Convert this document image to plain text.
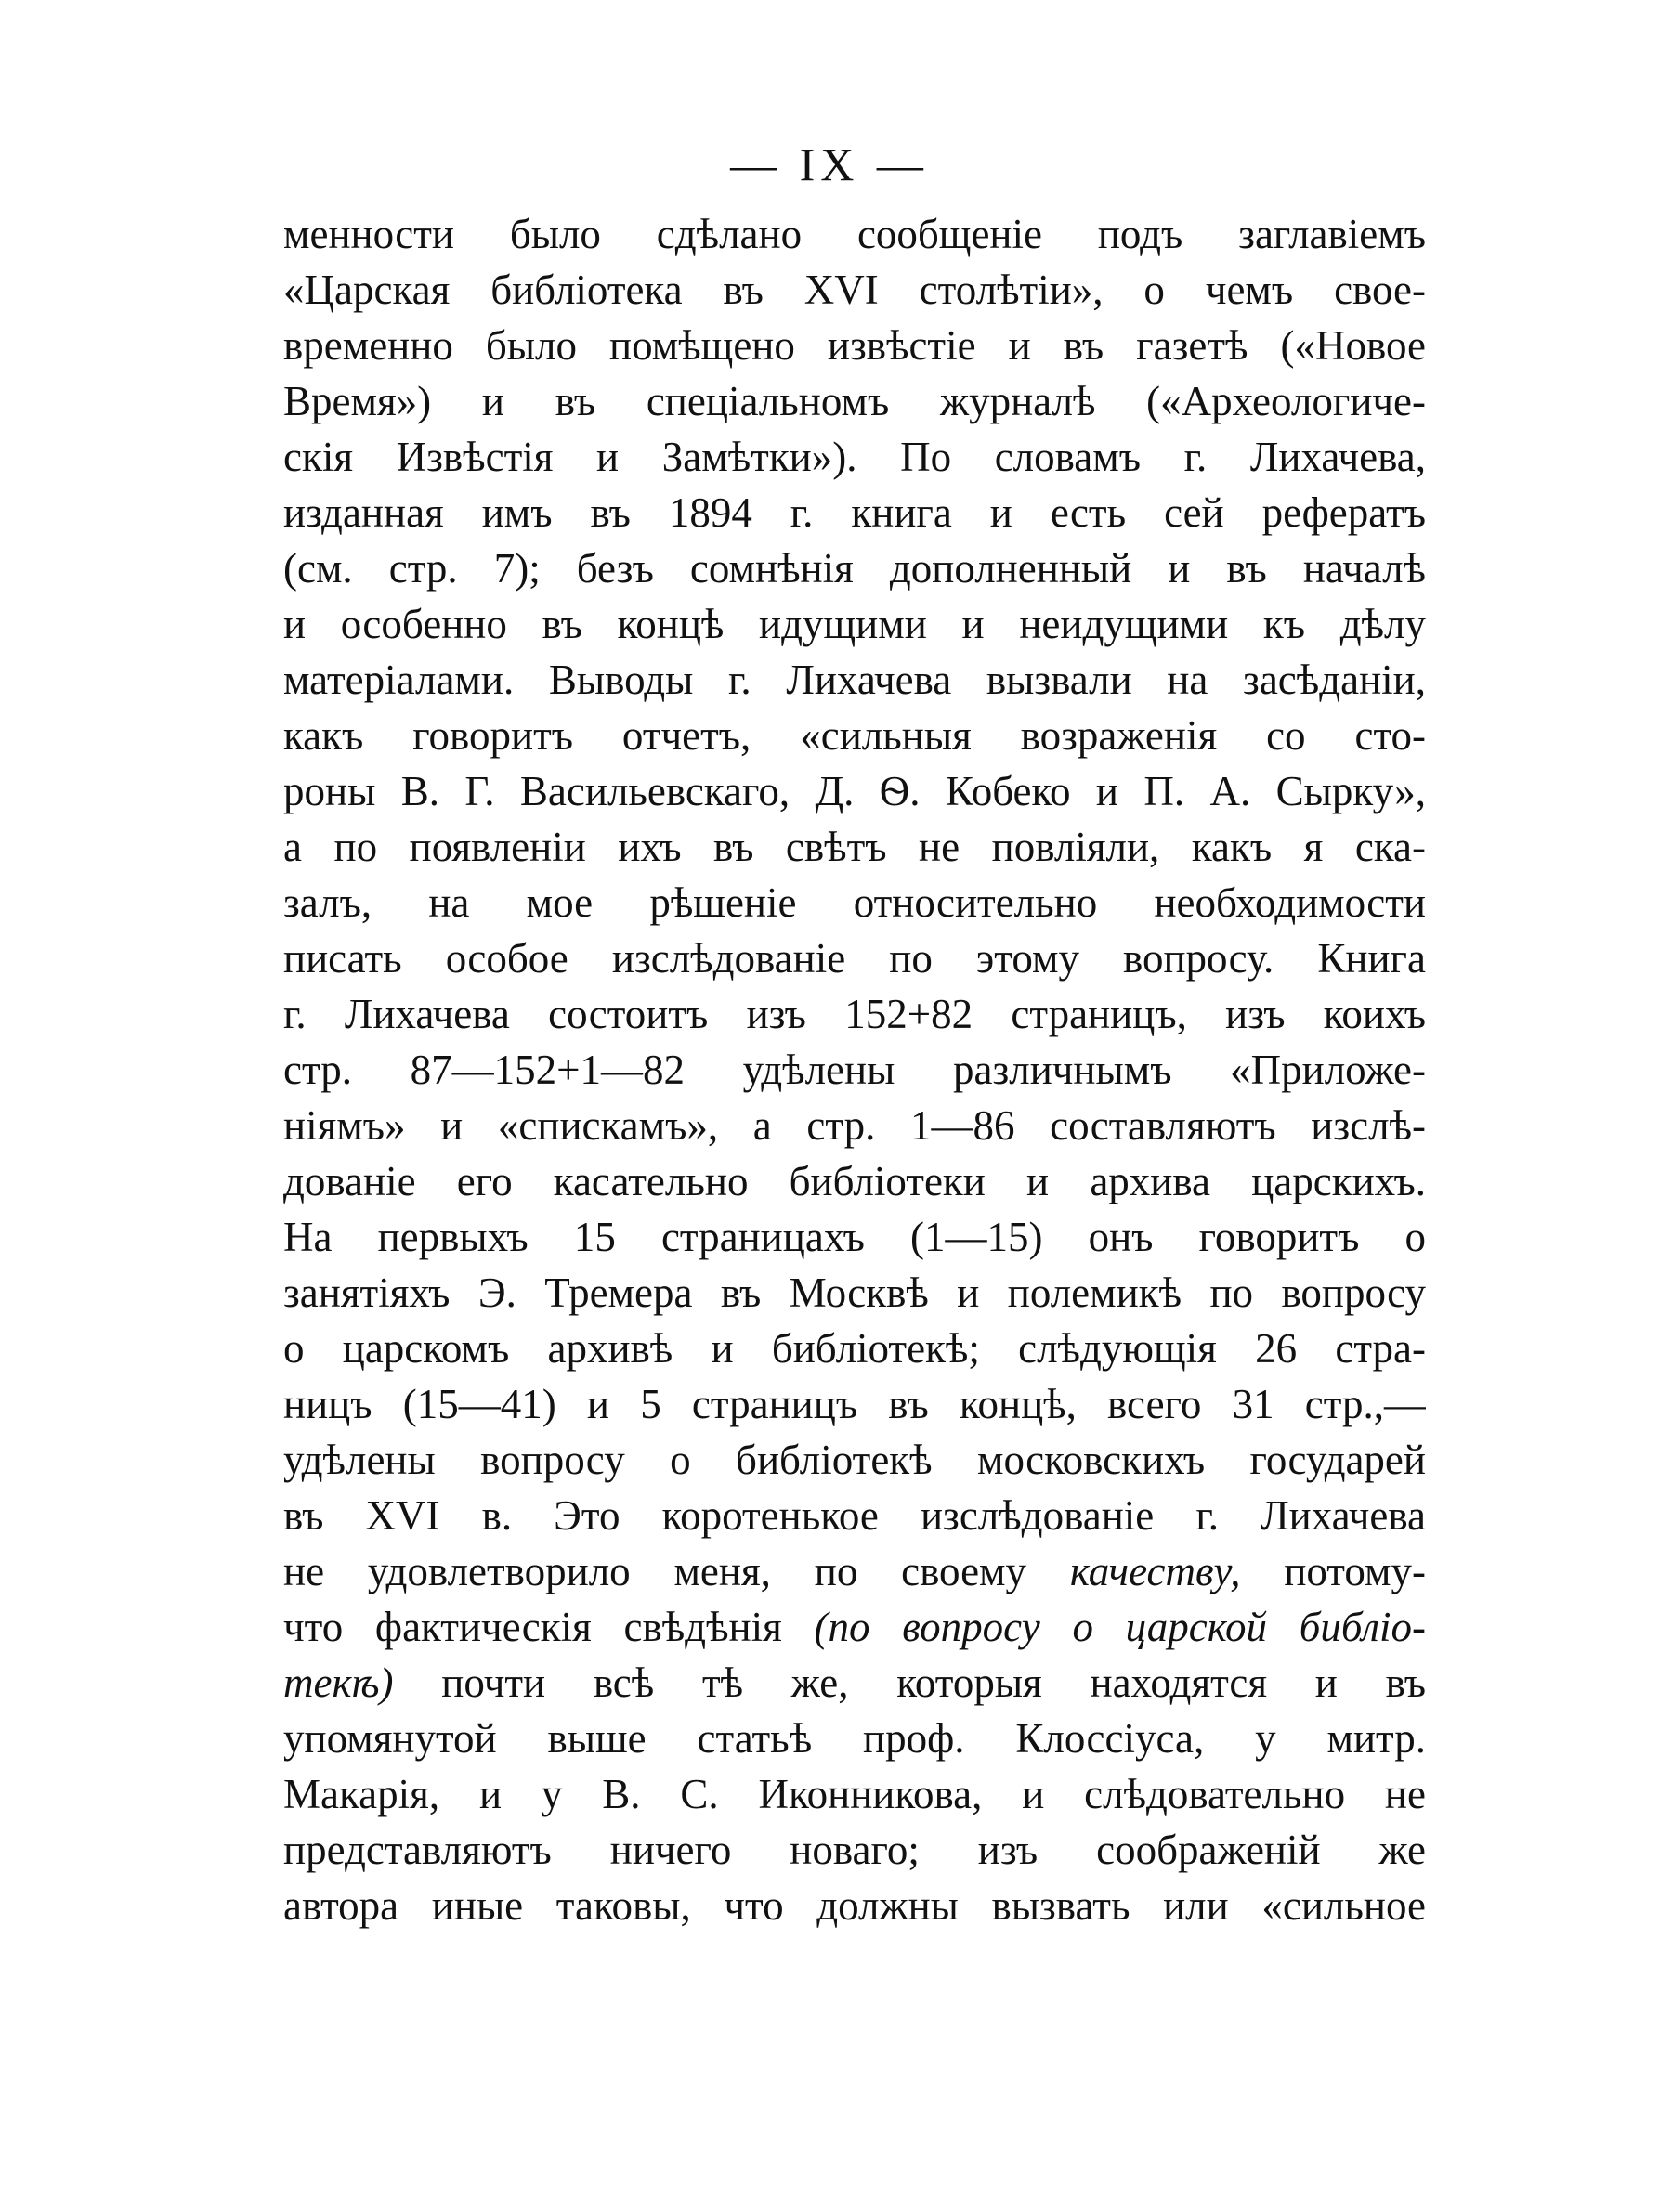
— IX —
менности было сдѣлано сообщенiе подъ заглавiемъ
«Царская библiотека въ XVI столѣтiи», о чемъ свое-
временно было помѣщено извѣстiе и въ газетѣ («Новое
Время») и въ спецiальномъ журналѣ («Археологиче-
скiя Извѣстiя и Замѣтки»). По словамъ г. Лихачева,
изданная имъ въ 1894 г. книга и есть сей рефератъ
(см. стр. 7); безъ сомнѣнiя дополненный и въ началѣ
и особенно въ концѣ идущими и неидущими къ дѣлу
матерiалами. Выводы г. Лихачева вызвали на засѣданiи,
какъ говоритъ отчетъ, «сильныя возраженiя со сто-
роны В. Г. Васильевскаго, Д. Ѳ. Кобеко и П. А. Сырку»,
а по появленiи ихъ въ свѣтъ не повлiяли, какъ я ска-
залъ, на мое рѣшенiе относительно необходимости
писать особое изслѣдованiе по этому вопросу. Книга
г. Лихачева состоитъ изъ 152+82 страницъ, изъ коихъ
стр. 87—152+1—82 удѣлены различнымъ «Приложе-
нiямъ» и «спискамъ», а стр. 1—86 составляютъ изслѣ-
дованiе его касательно библiотеки и архива царскихъ.
На первыхъ 15 страницахъ (1—15) онъ говоритъ о
занятiяхъ Э. Тремера въ Москвѣ и полемикѣ по вопросу
о царскомъ архивѣ и библiотекѣ; слѣдующiя 26 стра-
ницъ (15—41) и 5 страницъ въ концѣ, всего 31 стр.,—
удѣлены вопросу о библiотекѣ московскихъ государей
въ XVI в. Это коротенькое изслѣдованiе г. Лихачева
не удовлетворило меня, по своему качеству, потому-
что фактическiя свѣдѣнiя (по вопросу о царской библiо-
текѣ) почти всѣ тѣ же, которыя находятся и въ
упомянутой выше статьѣ проф. Клоссiуса, у митр.
Макарiя, и у В. С. Иконникова, и слѣдовательно не
представляютъ ничего новаго; изъ соображенiй же
автора иные таковы, что должны вызвать или «сильное
